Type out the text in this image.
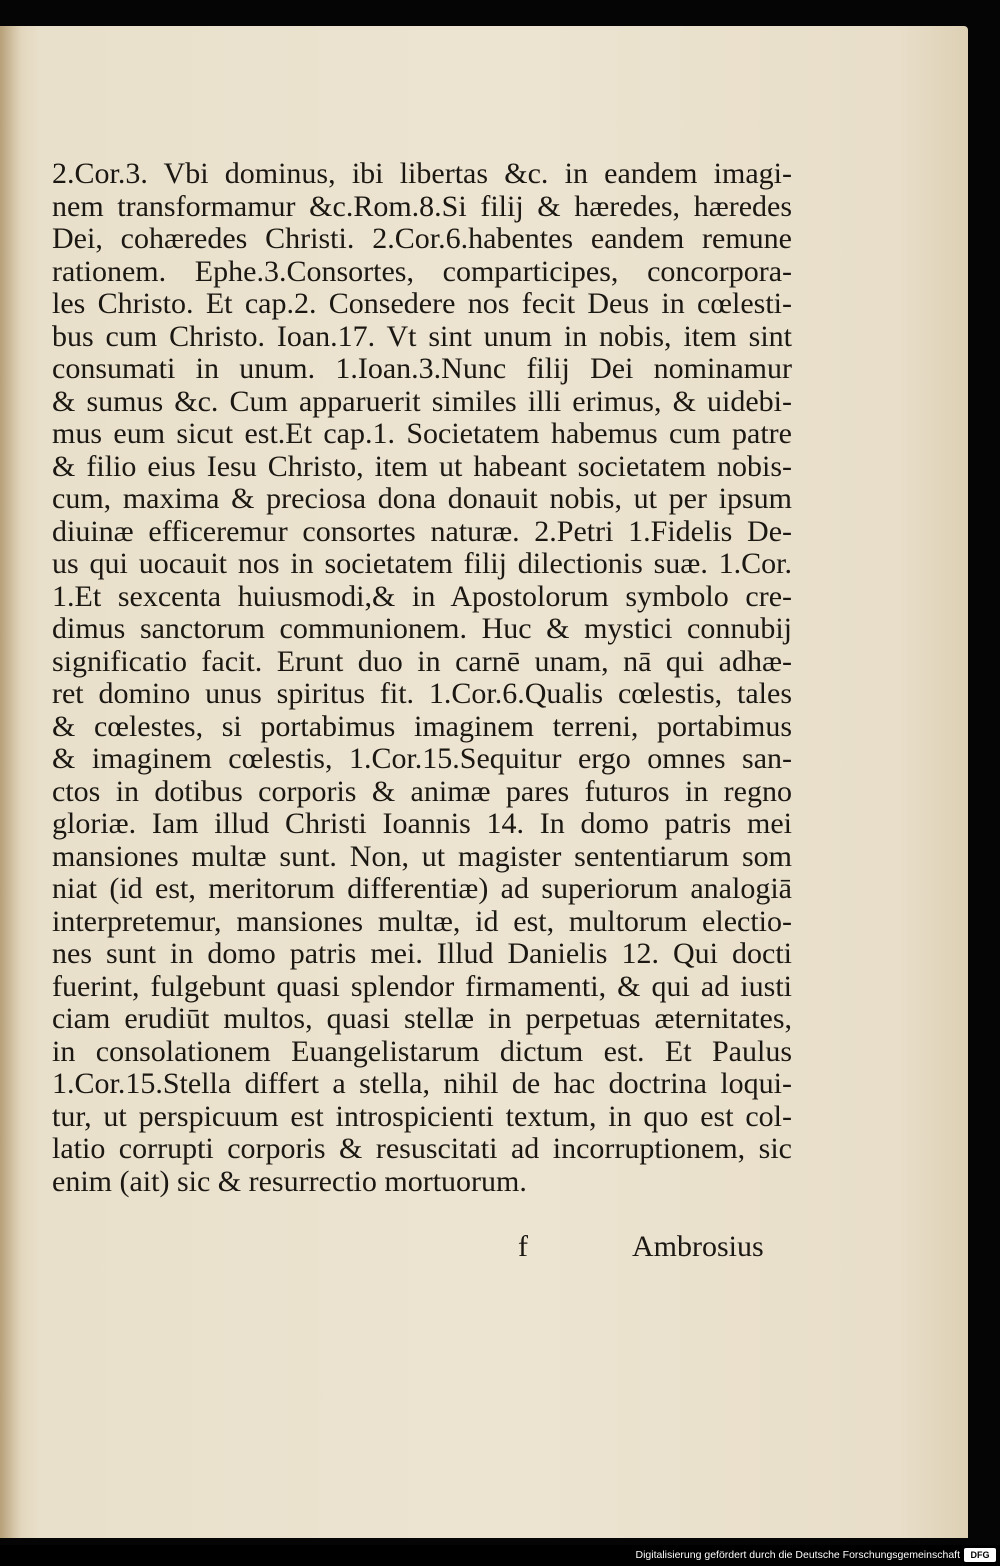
2.Cor.3. Vbi dominus, ibi libertas &c. in eandem imagi-
nem transformamur &c.Rom.8.Si filij & hæredes, hæredes
Dei, cohæredes Christi. 2.Cor.6.habentes eandem remune
rationem. Ephe.3.Consortes, comparticipes, concorpora-
les Christo. Et cap.2. Consedere nos fecit Deus in cœlesti-
bus cum Christo. Ioan.17. Vt sint unum in nobis, item sint
consumati in unum. 1.Ioan.3.Nunc filij Dei nominamur
& sumus &c. Cum apparuerit similes illi erimus, & uidebi-
mus eum sicut est.Et cap.1. Societatem habemus cum patre
& filio eius Iesu Christo, item ut habeant societatem nobis-
cum, maxima & preciosa dona donauit nobis, ut per ipsum
diuinæ efficeremur consortes naturæ. 2.Petri 1.Fidelis De-
us qui uocauit nos in societatem filij dilectionis suæ. 1.Cor.
1.Et sexcenta huiusmodi,& in Apostolorum symbolo cre-
dimus sanctorum communionem. Huc & mystici connubij
significatio facit. Erunt duo in carnē unam, nā qui adhæ-
ret domino unus spiritus fit. 1.Cor.6.Qualis cœlestis, tales
& cœlestes, si portabimus imaginem terreni, portabimus
& imaginem cœlestis, 1.Cor.15.Sequitur ergo omnes san-
ctos in dotibus corporis & animæ pares futuros in regno
gloriæ. Iam illud Christi Ioannis 14. In domo patris mei
mansiones multæ sunt. Non, ut magister sententiarum som
niat (id est, meritorum differentiæ) ad superiorum analogiā
interpretemur, mansiones multæ, id est, multorum electio-
nes sunt in domo patris mei. Illud Danielis 12. Qui docti
fuerint, fulgebunt quasi splendor firmamenti, & qui ad iusti
ciam erudiūt multos, quasi stellæ in perpetuas æternitates,
in consolationem Euangelistarum dictum est. Et Paulus
1.Cor.15.Stella differt a stella, nihil de hac doctrina loqui-
tur, ut perspicuum est introspicienti textum, in quo est col-
latio corrupti corporis & resuscitati ad incorruptionem, sic
enim (ait) sic & resurrectio mortuorum.
f	Ambrosius
Digitalisierung gefördert durch die Deutsche Forschungsgemeinschaft	DFG
